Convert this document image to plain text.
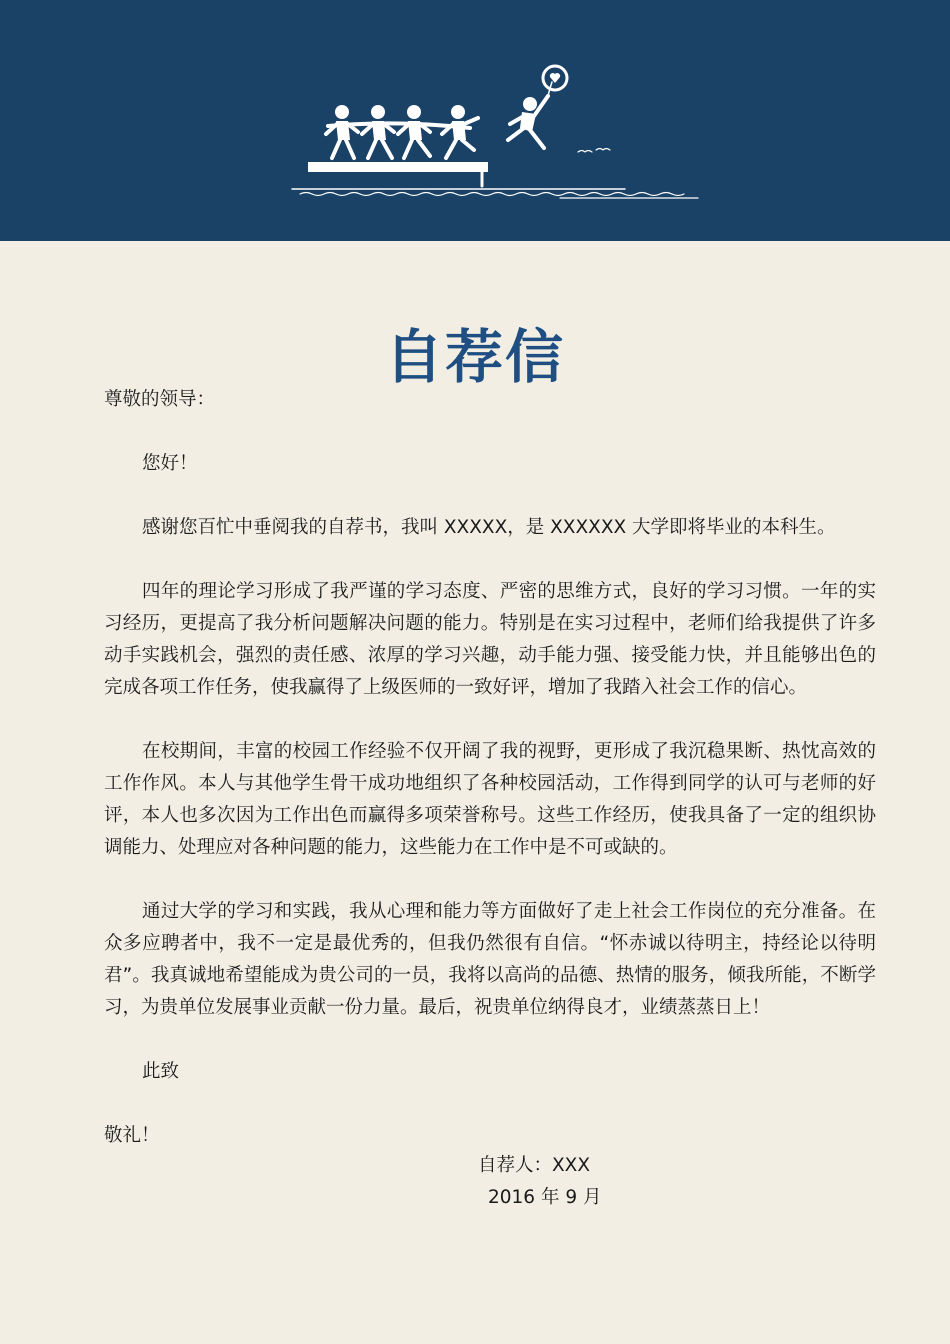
自荐信

尊敬的领导：

您好！

感谢您百忙中垂阅我的自荐书，我叫 XXXXX，是 XXXXXX 大学即将毕业的本科生。

四年的理论学习形成了我严谨的学习态度、严密的思维方式，良好的学习习惯。一年的实习经历，更提高了我分析问题解决问题的能力。特别是在实习过程中，老师们给我提供了许多动手实践机会，强烈的责任感、浓厚的学习兴趣，动手能力强、接受能力快，并且能够出色的完成各项工作任务，使我赢得了上级医师的一致好评，增加了我踏入社会工作的信心。

在校期间，丰富的校园工作经验不仅开阔了我的视野，更形成了我沉稳果断、热忱高效的工作作风。本人与其他学生骨干成功地组织了各种校园活动，工作得到同学的认可与老师的好评，本人也多次因为工作出色而赢得多项荣誉称号。这些工作经历，使我具备了一定的组织协调能力、处理应对各种问题的能力，这些能力在工作中是不可或缺的。

通过大学的学习和实践，我从心理和能力等方面做好了走上社会工作岗位的充分准备。在众多应聘者中，我不一定是最优秀的，但我仍然很有自信。“怀赤诚以待明主，持经论以待明君”。我真诚地希望能成为贵公司的一员，我将以高尚的品德、热情的服务，倾我所能，不断学习，为贵单位发展事业贡献一份力量。最后，祝贵单位纳得良才，业绩蒸蒸日上！

此致

敬礼！

自荐人：XXX

2016 年 9 月
